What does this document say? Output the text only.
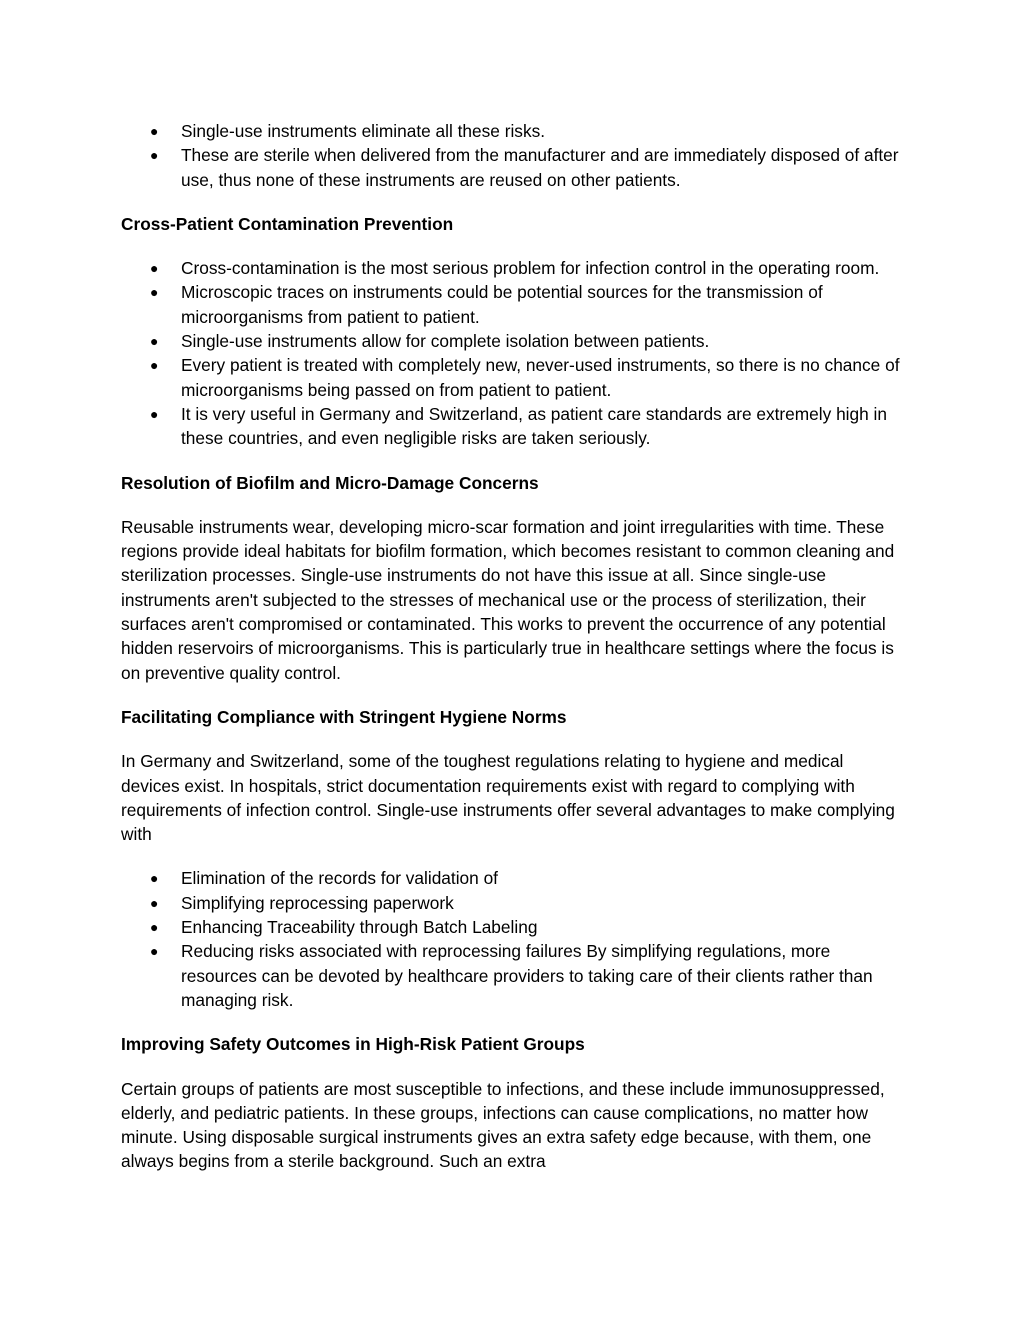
● Single-use instruments eliminate all these risks.
● These are sterile when delivered from the manufacturer and are immediately disposed of after use, thus none of these instruments are reused on other patients.
Cross-Patient Contamination Prevention
● Cross-contamination is the most serious problem for infection control in the operating room.
● Microscopic traces on instruments could be potential sources for the transmission of microorganisms from patient to patient.
● Single-use instruments allow for complete isolation between patients.
● Every patient is treated with completely new, never-used instruments, so there is no chance of microorganisms being passed on from patient to patient.
● It is very useful in Germany and Switzerland, as patient care standards are extremely high in these countries, and even negligible risks are taken seriously.
Resolution of Biofilm and Micro-Damage Concerns

Reusable instruments wear, developing micro-scar formation and joint irregularities with time. These regions provide ideal habitats for biofilm formation, which becomes resistant to common cleaning and sterilization processes. Single-use instruments do not have this issue at all. Since single-use instruments aren't subjected to the stresses of mechanical use or the process of sterilization, their surfaces aren't compromised or contaminated. This works to prevent the occurrence of any potential hidden reservoirs of microorganisms. This is particularly true in healthcare settings where the focus is on preventive quality control.

Facilitating Compliance with Stringent Hygiene Norms

In Germany and Switzerland, some of the toughest regulations relating to hygiene and medical devices exist. In hospitals, strict documentation requirements exist with regard to complying with requirements of infection control. Single-use instruments offer several advantages to make complying with

● Elimination of the records for validation of
● Simplifying reprocessing paperwork
● Enhancing Traceability through Batch Labeling
● Reducing risks associated with reprocessing failures By simplifying regulations, more resources can be devoted by healthcare providers to taking care of their clients rather than managing risk.
Improving Safety Outcomes in High-Risk Patient Groups

Certain groups of patients are most susceptible to infections, and these include immunosuppressed, elderly, and pediatric patients. In these groups, infections can cause complications, no matter how minute. Using disposable surgical instruments gives an extra safety edge because, with them, one always begins from a sterile background. Such an extra
